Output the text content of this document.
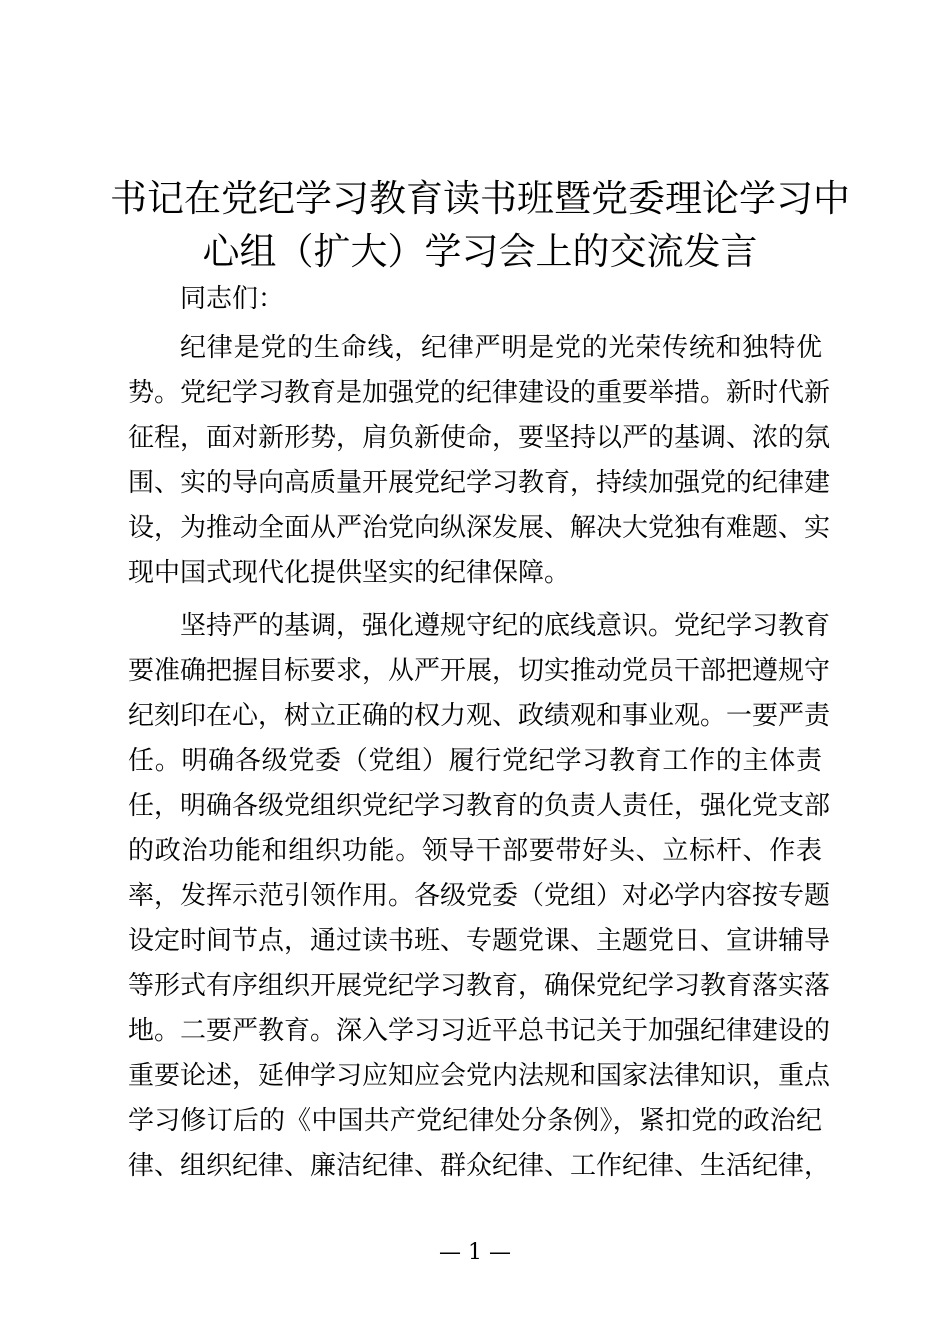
书记在党纪学习教育读书班暨党委理论学习中
心组（扩大）学习会上的交流发言

同志们：

纪律是党的生命线，纪律严明是党的光荣传统和独特优
势。党纪学习教育是加强党的纪律建设的重要举措。新时代新
征程，面对新形势，肩负新使命，要坚持以严的基调、浓的氛
围、实的导向高质量开展党纪学习教育，持续加强党的纪律建
设，为推动全面从严治党向纵深发展、解决大党独有难题、实
现中国式现代化提供坚实的纪律保障。

坚持严的基调，强化遵规守纪的底线意识。党纪学习教育
要准确把握目标要求，从严开展，切实推动党员干部把遵规守
纪刻印在心，树立正确的权力观、政绩观和事业观。一要严责
任。明确各级党委（党组）履行党纪学习教育工作的主体责
任，明确各级党组织党纪学习教育的负责人责任，强化党支部
的政治功能和组织功能。领导干部要带好头、立标杆、作表
率，发挥示范引领作用。各级党委（党组）对必学内容按专题
设定时间节点，通过读书班、专题党课、主题党日、宣讲辅导
等形式有序组织开展党纪学习教育，确保党纪学习教育落实落
地。二要严教育。深入学习习近平总书记关于加强纪律建设的
重要论述，延伸学习应知应会党内法规和国家法律知识，重点
学习修订后的《中国共产党纪律处分条例》，紧扣党的政治纪
律、组织纪律、廉洁纪律、群众纪律、工作纪律、生活纪律，

— 1 —
